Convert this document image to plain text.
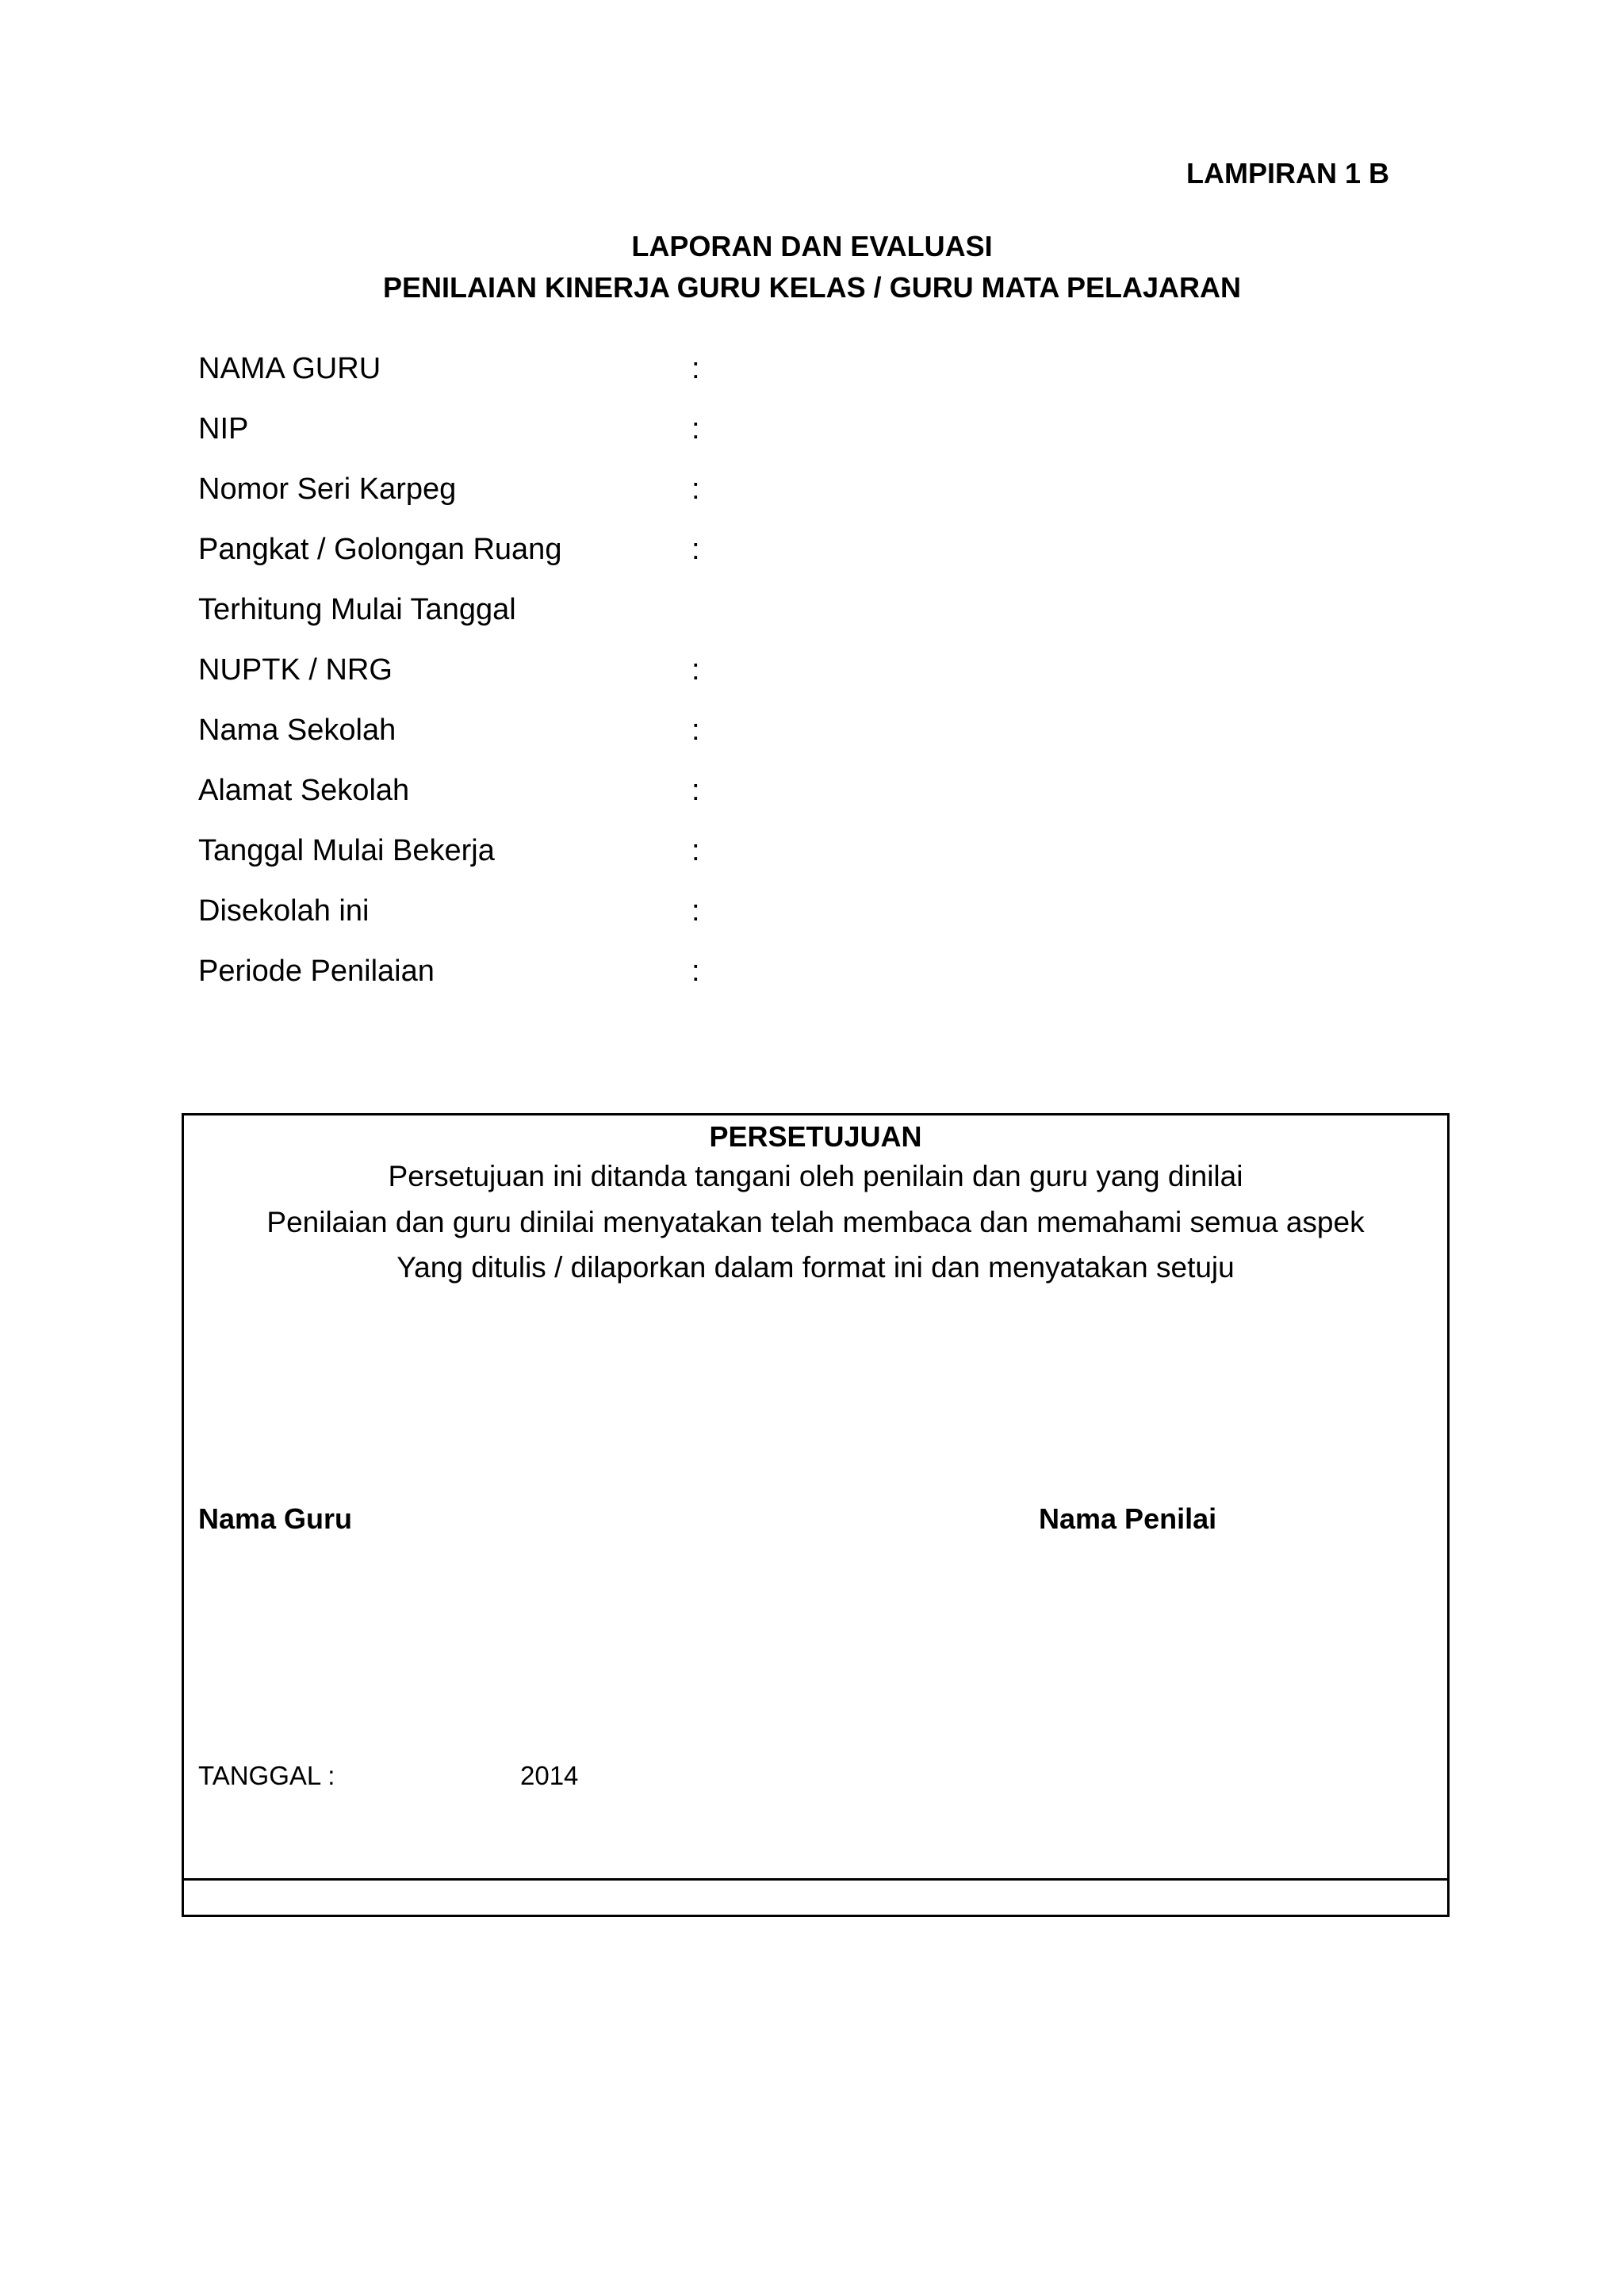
LAMPIRAN 1 B
LAPORAN DAN EVALUASI
PENILAIAN KINERJA GURU KELAS / GURU MATA PELAJARAN
NAMA GURU	:
NIP	:
Nomor Seri Karpeg	:
Pangkat / Golongan Ruang	:
Terhitung Mulai Tanggal
NUPTK / NRG	:
Nama Sekolah	:
Alamat Sekolah	:
Tanggal Mulai Bekerja	:
Disekolah ini	:
Periode Penilaian	:
PERSETUJUAN
Persetujuan ini ditanda tangani oleh penilain dan guru yang dinilai
Penilaian dan guru dinilai menyatakan telah membaca dan memahami semua aspek
Yang ditulis / dilaporkan dalam format ini dan menyatakan setuju
Nama Guru	Nama Penilai
TANGGAL :	2014
